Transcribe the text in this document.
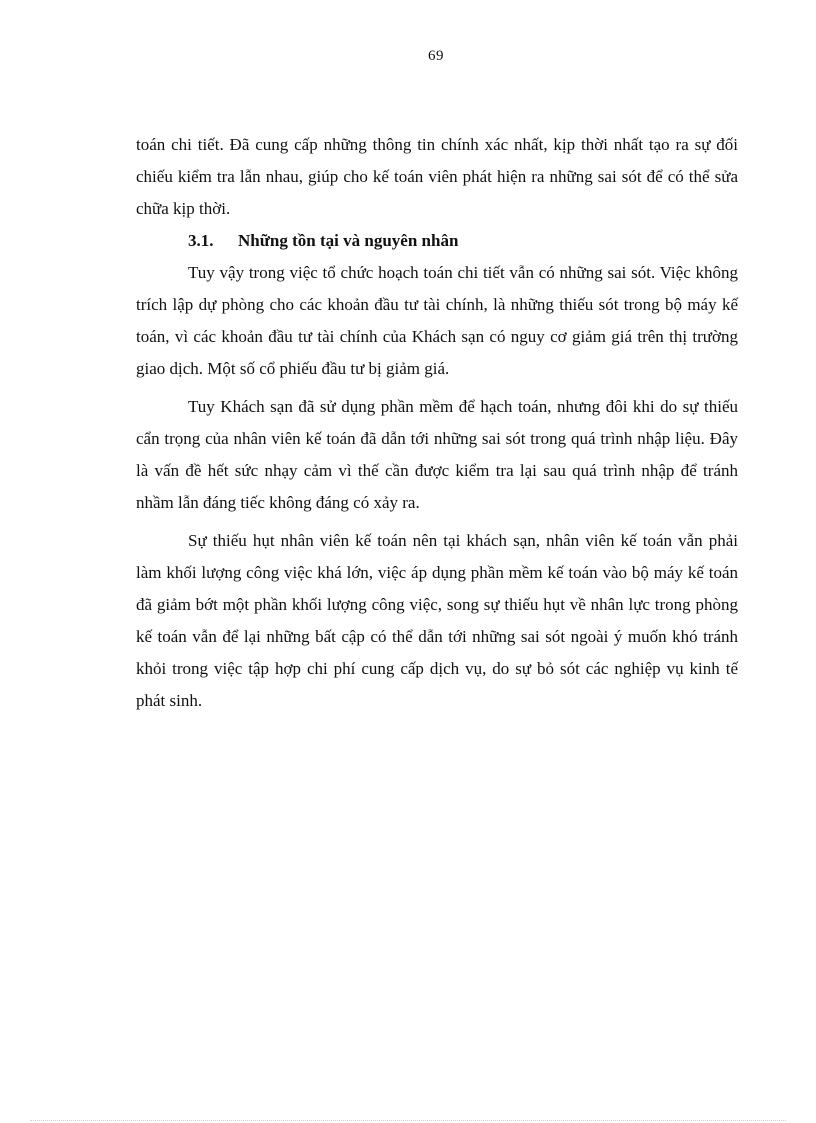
69

toán chi tiết. Đã cung cấp những thông tin chính xác nhất, kịp thời nhất tạo ra sự đối chiếu kiểm tra lẫn nhau, giúp cho kế toán viên phát hiện ra những sai sót để có thể sửa chữa kịp thời.

3.1. Những tồn tại và nguyên nhân

Tuy vậy trong việc tổ chức hoạch toán chi tiết vẫn có những sai sót. Việc không trích lập dự phòng cho các khoản đầu tư tài chính, là những thiếu sót trong bộ máy kế toán, vì các khoản đầu tư tài chính của Khách sạn có nguy cơ giảm giá trên thị trường giao dịch. Một số cổ phiếu đầu tư bị giảm giá.

Tuy Khách sạn đã sử dụng phần mềm để hạch toán, nhưng đôi khi do sự thiếu cẩn trọng của nhân viên kế toán đã dẫn tới những sai sót trong quá trình nhập liệu. Đây là vấn đề hết sức nhạy cảm vì thế cần được kiểm tra lại sau quá trình nhập để tránh nhầm lẫn đáng tiếc không đáng có xảy ra.

Sự thiếu hụt nhân viên kế toán nên tại khách sạn, nhân viên kế toán vẫn phải làm khối lượng công việc khá lớn, việc áp dụng phần mềm kế toán vào bộ máy kế toán đã giảm bớt một phần khối lượng công việc, song sự thiếu hụt về nhân lực trong phòng kế toán vẫn để lại những bất cập có thể dẫn tới những sai sót ngoài ý muốn khó tránh khỏi trong việc tập hợp chi phí cung cấp dịch vụ, do sự bỏ sót các nghiệp vụ kinh tế phát sinh.
